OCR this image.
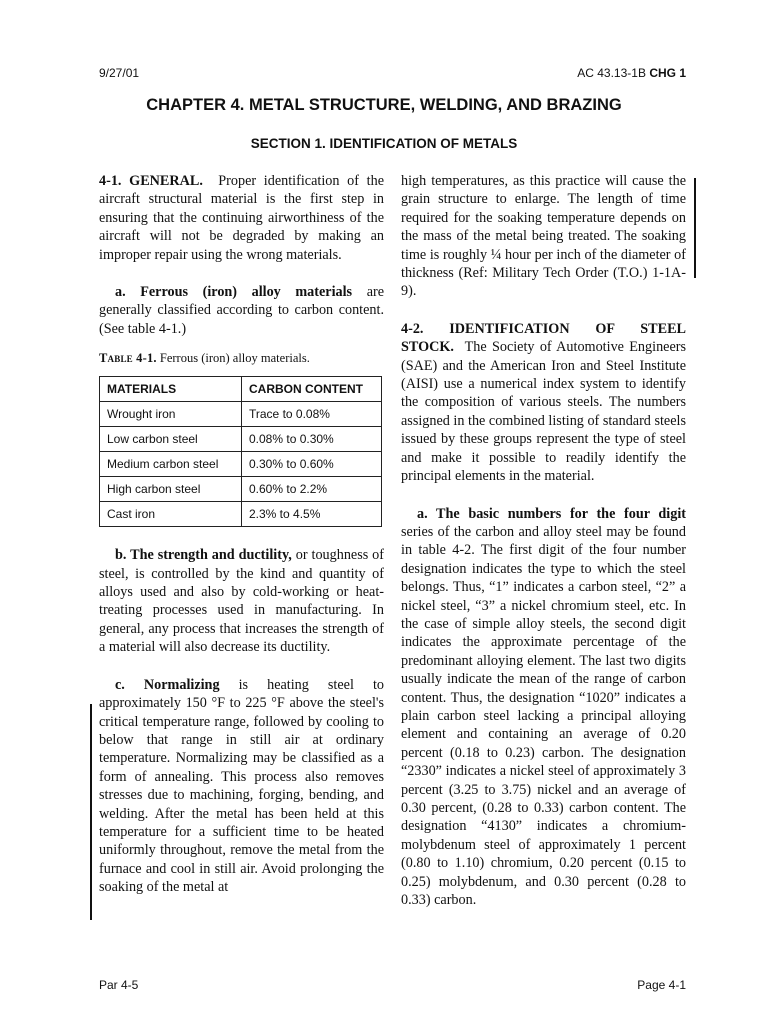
9/27/01	AC 43.13-1B CHG 1
CHAPTER 4. METAL STRUCTURE, WELDING, AND BRAZING
SECTION 1. IDENTIFICATION OF METALS

4-1. GENERAL. Proper identification of the aircraft structural material is the first step in ensuring that the continuing airworthiness of the aircraft will not be degraded by making an improper repair using the wrong materials.

a. Ferrous (iron) alloy materials are generally classified according to carbon content. (See table 4-1.)

Table 4-1. Ferrous (iron) alloy materials.

MATERIALS	CARBON CONTENT
Wrought iron	Trace to 0.08%
Low carbon steel	0.08% to 0.30%
Medium carbon steel	0.30% to 0.60%
High carbon steel	0.60% to 2.2%
Cast iron	2.3% to 4.5%

b. The strength and ductility, or toughness of steel, is controlled by the kind and quantity of alloys used and also by cold-working or heat-treating processes used in manufacturing. In general, any process that increases the strength of a material will also decrease its ductility.

c. Normalizing is heating steel to approximately 150 °F to 225 °F above the steel's critical temperature range, followed by cooling to below that range in still air at ordinary temperature. Normalizing may be classified as a form of annealing. This process also removes stresses due to machining, forging, bending, and welding. After the metal has been held at this temperature for a sufficient time to be heated uniformly throughout, remove the metal from the furnace and cool in still air. Avoid prolonging the soaking of the metal at

high temperatures, as this practice will cause the grain structure to enlarge. The length of time required for the soaking temperature depends on the mass of the metal being treated. The soaking time is roughly ¼ hour per inch of the diameter of thickness (Ref: Military Tech Order (T.O.) 1-1A-9).

4-2. IDENTIFICATION OF STEEL STOCK. The Society of Automotive Engineers (SAE) and the American Iron and Steel Institute (AISI) use a numerical index system to identify the composition of various steels. The numbers assigned in the combined listing of standard steels issued by these groups represent the type of steel and make it possible to readily identify the principal elements in the material.

a. The basic numbers for the four digit series of the carbon and alloy steel may be found in table 4-2. The first digit of the four number designation indicates the type to which the steel belongs. Thus, “1” indicates a carbon steel, “2” a nickel steel, “3” a nickel chromium steel, etc. In the case of simple alloy steels, the second digit indicates the approximate percentage of the predominant alloying element. The last two digits usually indicate the mean of the range of carbon content. Thus, the designation “1020” indicates a plain carbon steel lacking a principal alloying element and containing an average of 0.20 percent (0.18 to 0.23) carbon. The designation “2330” indicates a nickel steel of approximately 3 percent (3.25 to 3.75) nickel and an average of 0.30 percent, (0.28 to 0.33) carbon content. The designation “4130” indicates a chromium-molybdenum steel of approximately 1 percent (0.80 to 1.10) chromium, 0.20 percent (0.15 to 0.25) molybdenum, and 0.30 percent (0.28 to 0.33) carbon.

Par 4-5	Page 4-1
